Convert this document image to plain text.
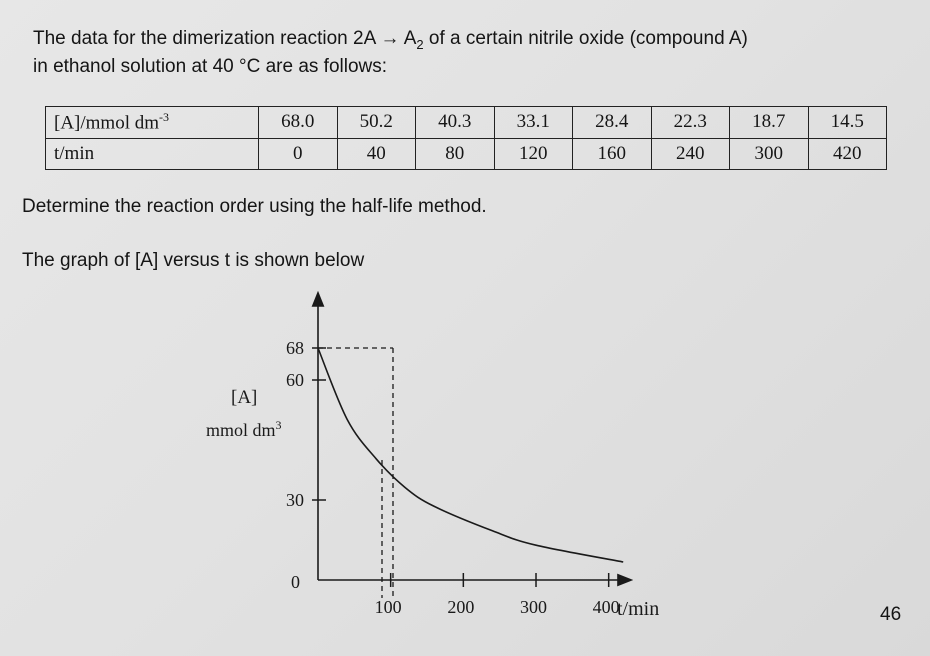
The data for the dimerization reaction $2A \to A_2$ of a certain nitrile oxide (compound A)
in ethanol solution at 40 °C are as follows:
[A]/mmol $dm^{-3}$	68.0	50.2	40.3	33.1	28.4	22.3	18.7	14.5
t/min	0	40	80	120	160	240	300	420
Determine the reaction order using the half-life method.
The graph of [A] versus t is shown below
68
60
30
100	200	300	400
[A]
mmol $dm^3$
0
t/min	46
